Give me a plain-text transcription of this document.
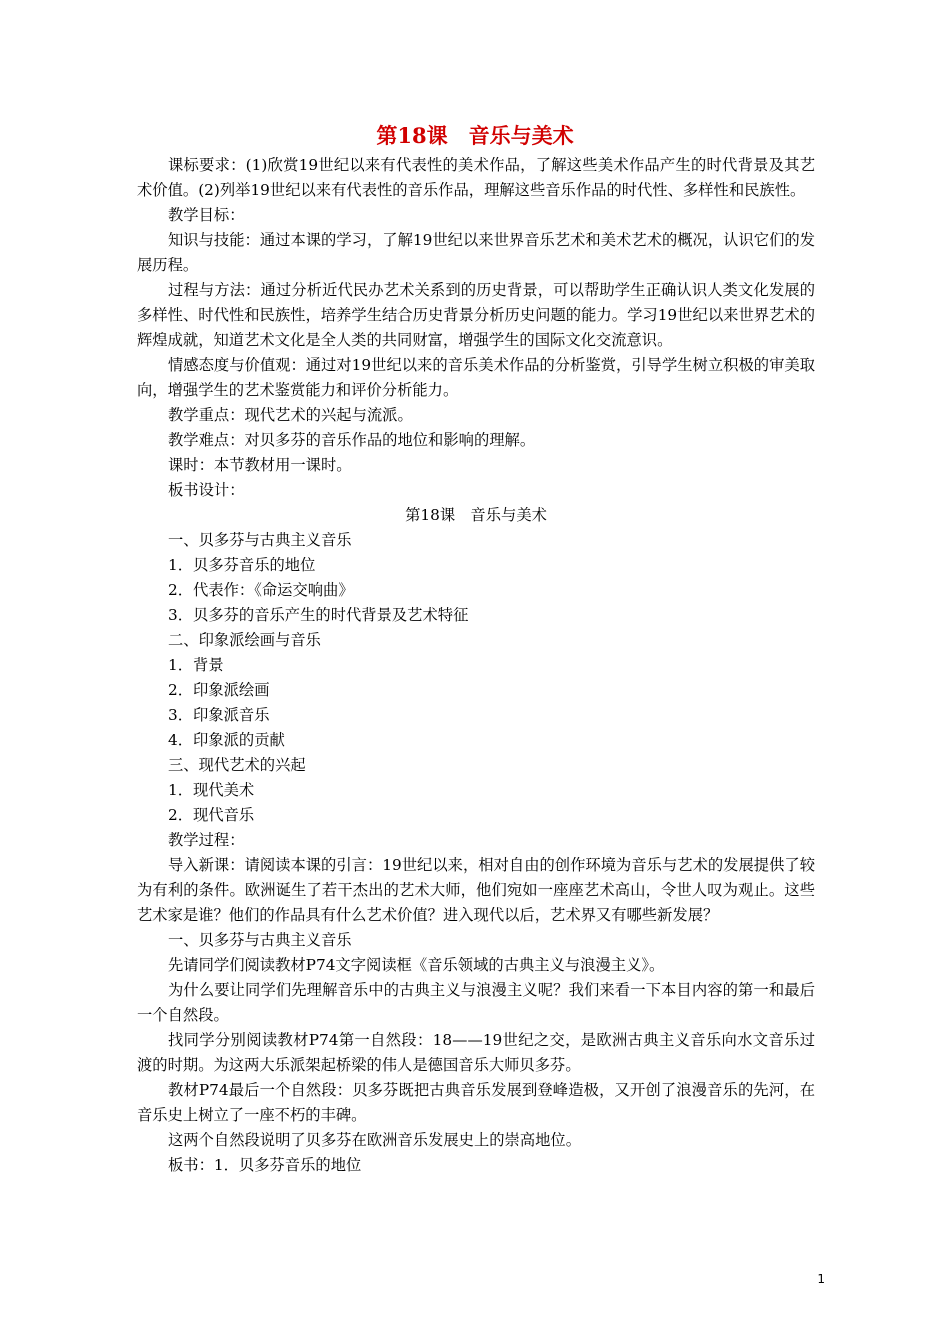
第18课　音乐与美术

课标要求：(1)欣赏19世纪以来有代表性的美术作品，了解这些美术作品产生的时代背景及其艺术价值。(2)列举19世纪以来有代表性的音乐作品，理解这些音乐作品的时代性、多样性和民族性。

教学目标：

知识与技能：通过本课的学习，了解19世纪以来世界音乐艺术和美术艺术的概况，认识它们的发展历程。

过程与方法：通过分析近代民办艺术关系到的历史背景，可以帮助学生正确认识人类文化发展的多样性、时代性和民族性，培养学生结合历史背景分析历史问题的能力。学习19世纪以来世界艺术的辉煌成就，知道艺术文化是全人类的共同财富，增强学生的国际文化交流意识。

情感态度与价值观：通过对19世纪以来的音乐美术作品的分析鉴赏，引导学生树立积极的审美取向，增强学生的艺术鉴赏能力和评价分析能力。

教学重点：现代艺术的兴起与流派。

教学难点：对贝多芬的音乐作品的地位和影响的理解。

课时：本节教材用一课时。

板书设计：

第18课　音乐与美术

一、贝多芬与古典主义音乐

1．贝多芬音乐的地位

2．代表作：《命运交响曲》

3．贝多芬的音乐产生的时代背景及艺术特征

二、印象派绘画与音乐

1．背景

2．印象派绘画

3．印象派音乐

4．印象派的贡献

三、现代艺术的兴起

1．现代美术

2．现代音乐

教学过程：

导入新课：请阅读本课的引言：19世纪以来，相对自由的创作环境为音乐与艺术的发展提供了较为有利的条件。欧洲诞生了若干杰出的艺术大师，他们宛如一座座艺术高山，令世人叹为观止。这些艺术家是谁？他们的作品具有什么艺术价值？进入现代以后，艺术界又有哪些新发展？

一、贝多芬与古典主义音乐

先请同学们阅读教材P74文字阅读框《音乐领域的古典主义与浪漫主义》。

为什么要让同学们先理解音乐中的古典主义与浪漫主义呢？我们来看一下本目内容的第一和最后一个自然段。

找同学分别阅读教材P74第一自然段：18——19世纪之交，是欧洲古典主义音乐向水文音乐过渡的时期。为这两大乐派架起桥梁的伟人是德国音乐大师贝多芬。

教材P74最后一个自然段：贝多芬既把古典音乐发展到登峰造极，又开创了浪漫音乐的先河，在音乐史上树立了一座不朽的丰碑。

这两个自然段说明了贝多芬在欧洲音乐发展史上的崇高地位。

板书：1．贝多芬音乐的地位

1
